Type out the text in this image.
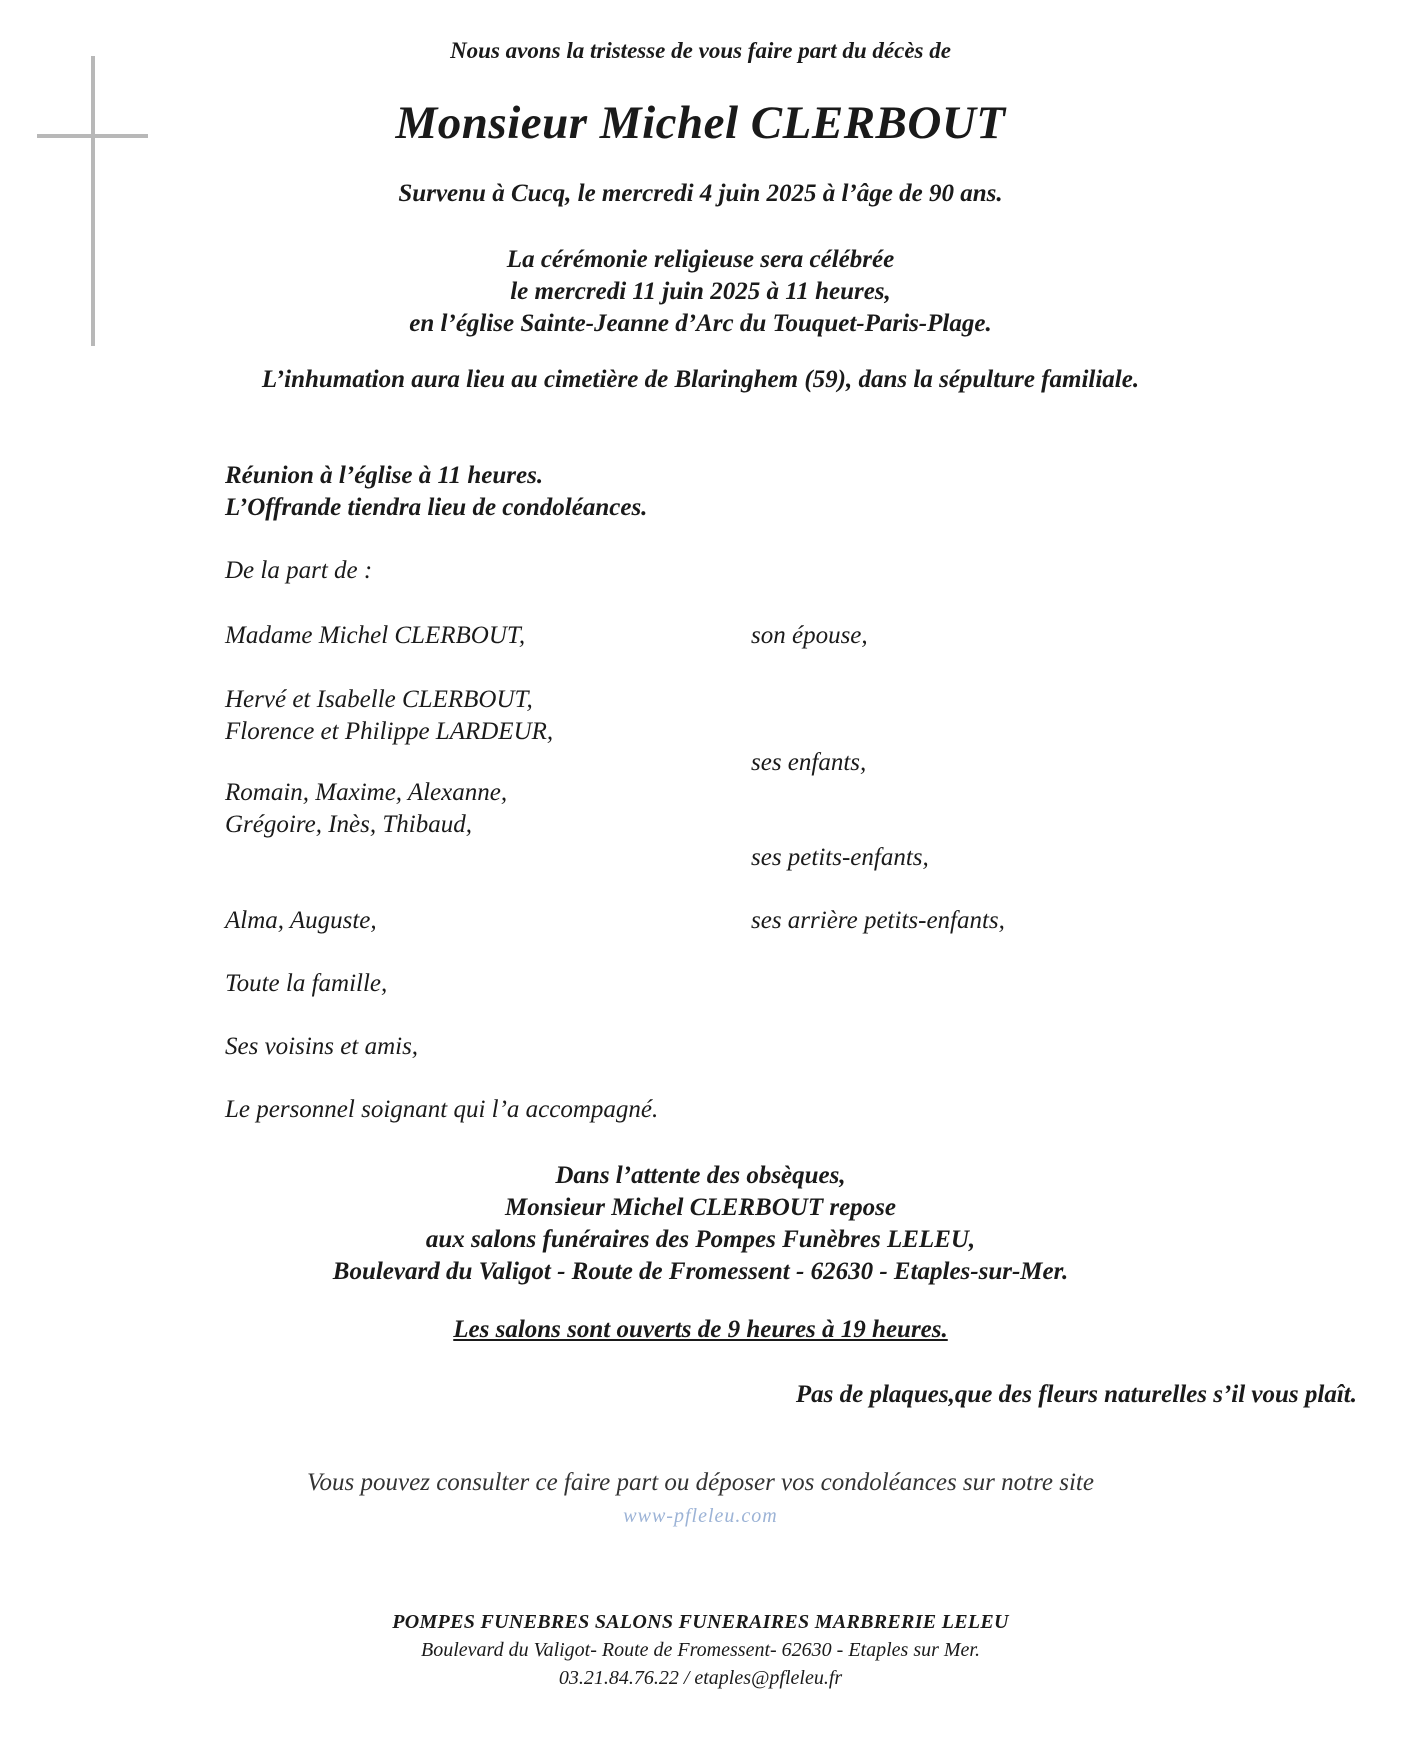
Nous avons la tristesse de vous faire part du décès de
Monsieur Michel CLERBOUT
Survenu à Cucq, le mercredi 4 juin 2025 à l’âge de 90 ans.
La cérémonie religieuse sera célébrée
le mercredi 11 juin 2025 à 11 heures,
en l’église Sainte-Jeanne d’Arc du Touquet-Paris-Plage.
L’inhumation aura lieu au cimetière de Blaringhem (59), dans la sépulture familiale.
Réunion à l’église à 11 heures.
L’Offrande tiendra lieu de condoléances.
De la part de :
Madame Michel CLERBOUT,	son épouse,
Hervé et Isabelle CLERBOUT,
Florence et Philippe LARDEUR,
ses enfants,
Romain, Maxime, Alexanne,
Grégoire, Inès, Thibaud,
ses petits-enfants,
Alma, Auguste,	ses arrière petits-enfants,
Toute la famille,
Ses voisins et amis,
Le personnel soignant qui l’a accompagné.
Dans l’attente des obsèques,
Monsieur Michel CLERBOUT repose
aux salons funéraires des Pompes Funèbres LELEU,
Boulevard du Valigot - Route de Fromessent - 62630 - Etaples-sur-Mer.
Les salons sont ouverts de 9 heures à 19 heures.
Pas de plaques,que des fleurs naturelles s’il vous plaît.
Vous pouvez consulter ce faire part ou déposer vos condoléances sur notre site
www-pfleleu.com
POMPES FUNEBRES SALONS FUNERAIRES MARBRERIE LELEU
Boulevard du Valigot- Route de Fromessent- 62630 - Etaples sur Mer.
03.21.84.76.22 / etaples@pfleleu.fr
